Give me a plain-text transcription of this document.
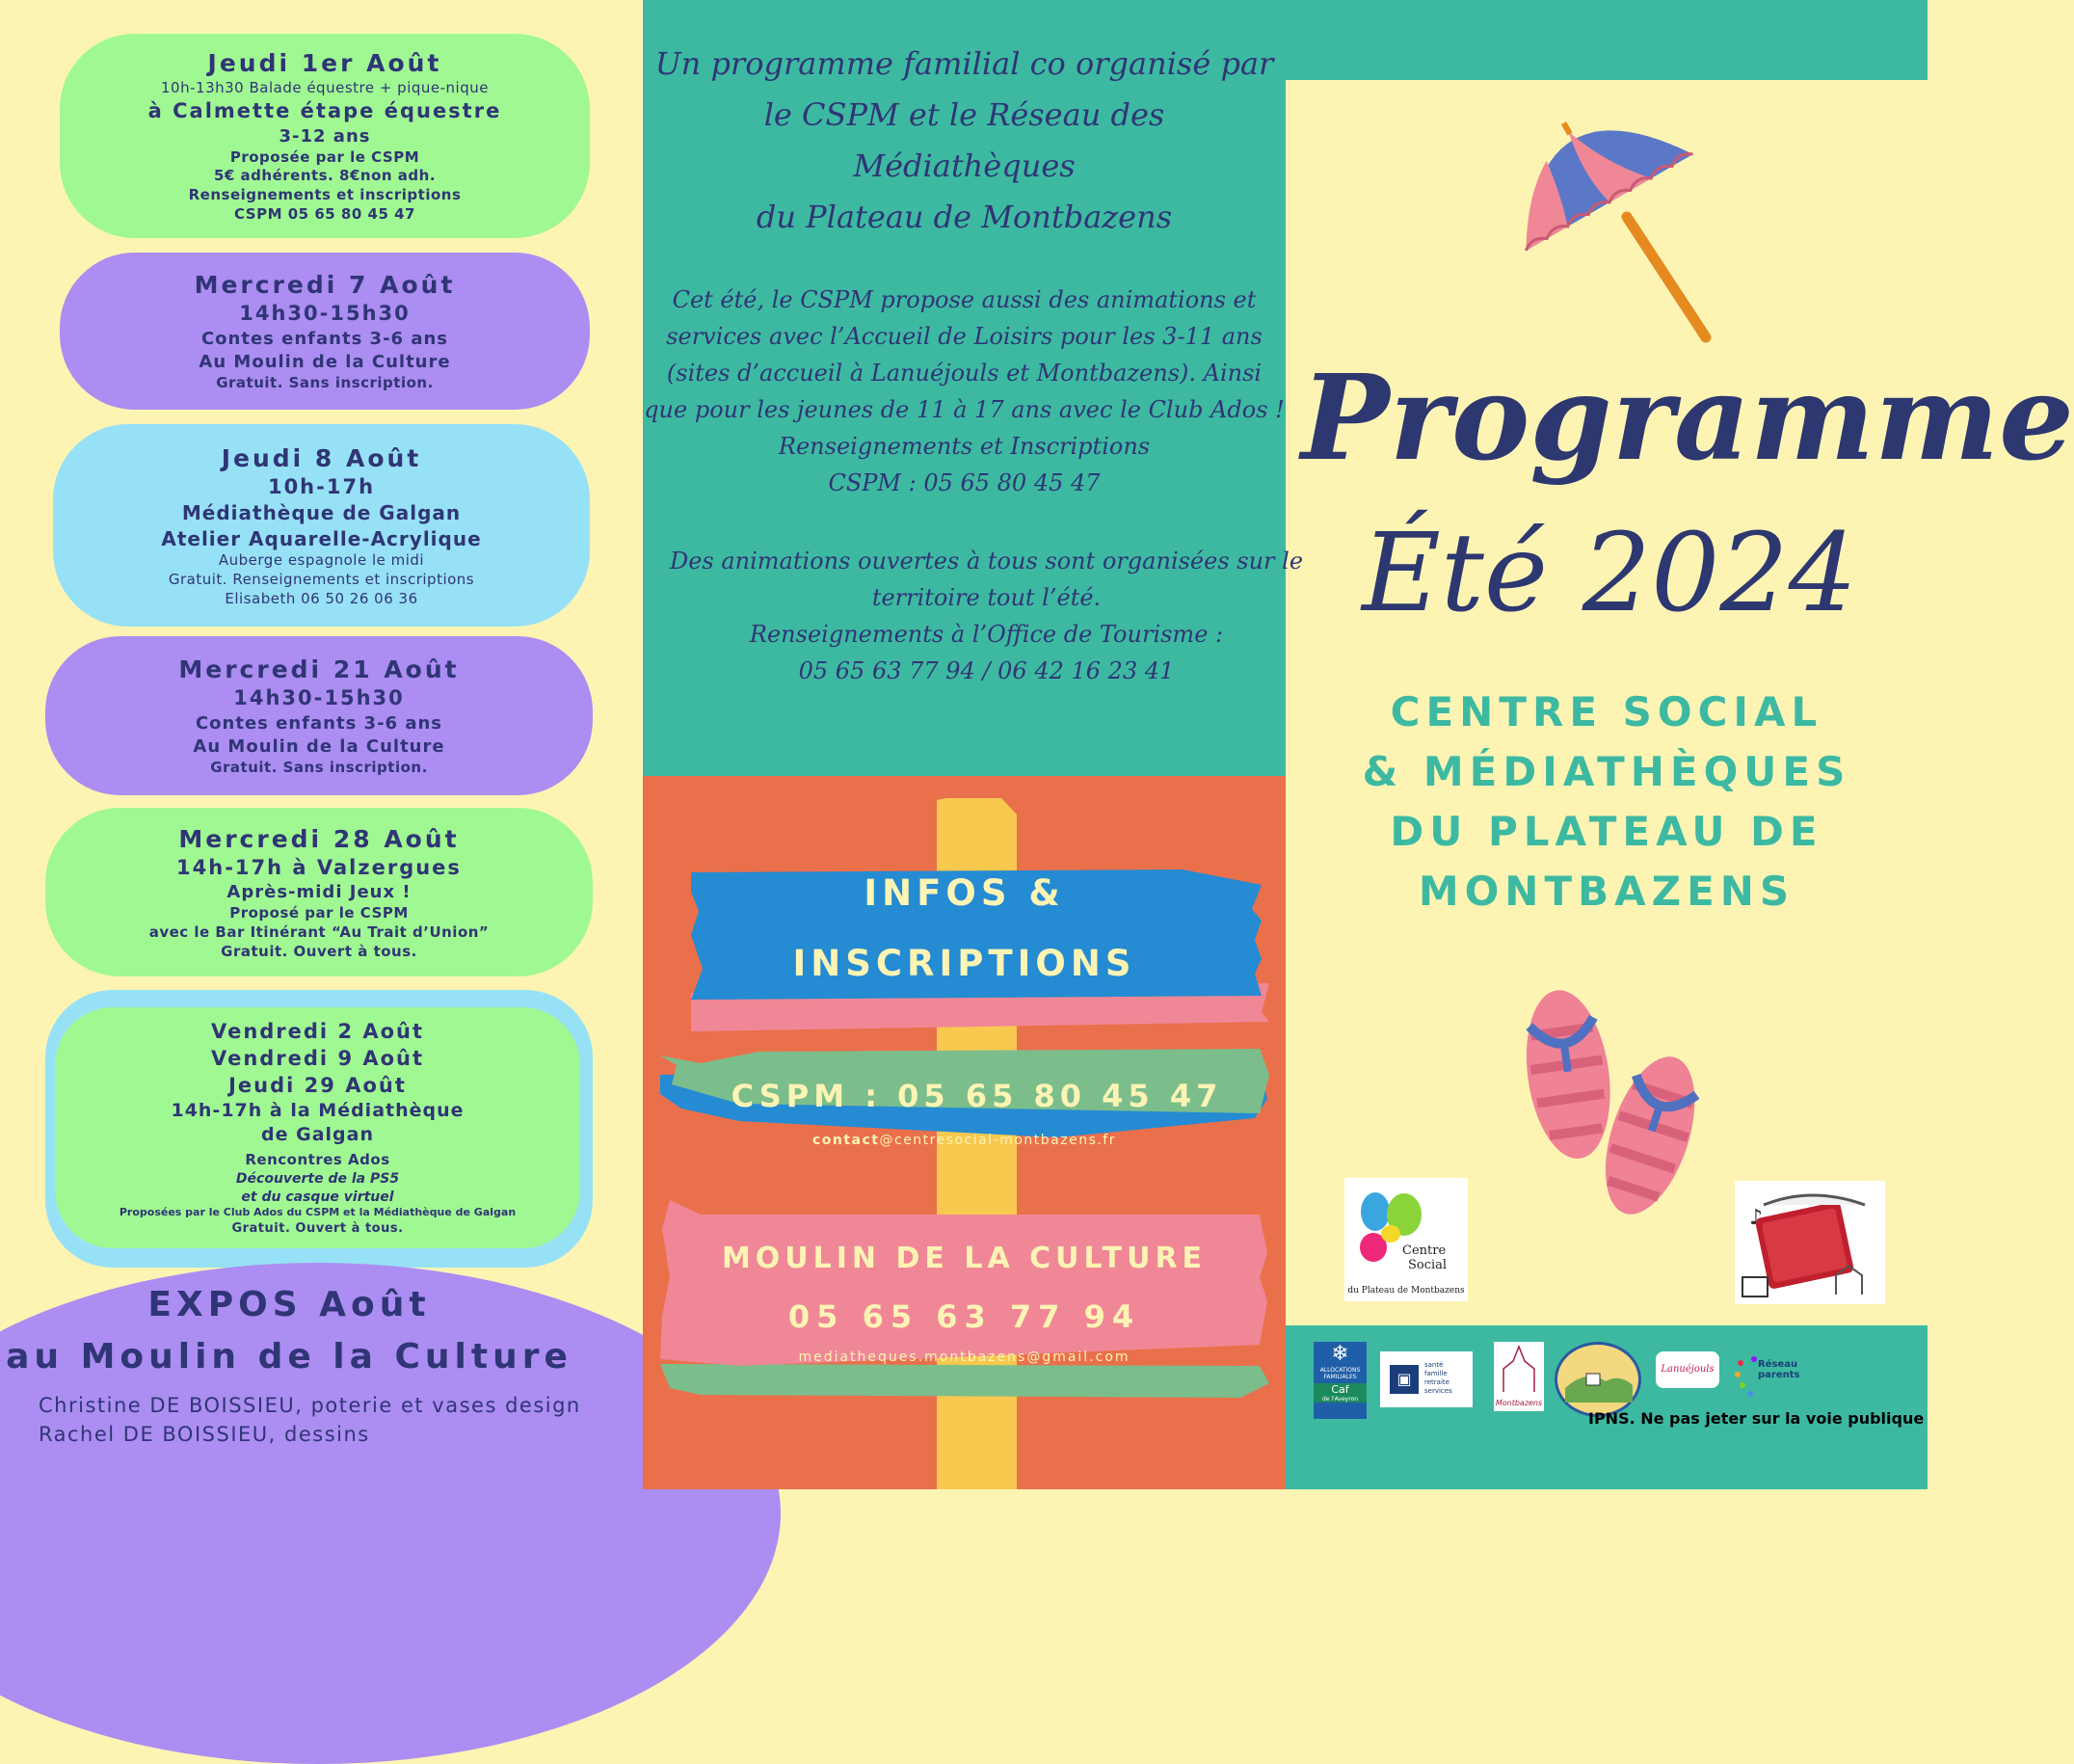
Jeudi 1er Août
10h-13h30 Balade équestre + pique-nique
à Calmette étape équestre
3-12 ans
Proposée par le CSPM
5€ adhérents. 8€non adh.
Renseignements et inscriptions
CSPM 05 65 80 45 47
Mercredi 7 Août
14h30-15h30
Contes enfants 3-6 ans
Au Moulin de la Culture
Gratuit. Sans inscription.
Jeudi 8 Août
10h-17h
Médiathèque de Galgan
Atelier Aquarelle-Acrylique
Auberge espagnole le midi
Gratuit. Renseignements et inscriptions
Elisabeth 06 50 26 06 36
Mercredi 21 Août
14h30-15h30
Contes enfants 3-6 ans
Au Moulin de la Culture
Gratuit. Sans inscription.
Mercredi 28 Août
14h-17h à Valzergues
Après-midi Jeux !
Proposé par le CSPM
avec le Bar Itinérant “Au Trait d’Union”
Gratuit. Ouvert à tous.
Vendredi 2 Août
Vendredi 9 Août
Jeudi 29 Août
14h-17h à la Médiathèque
de Galgan
Rencontres Ados
Découverte de la PS5
et du casque virtuel
Proposées par le Club Ados du CSPM et la Médiathèque de Galgan
Gratuit. Ouvert à tous.
EXPOS Août
au Moulin de la Culture
Christine DE BOISSIEU, poterie et vases design
Rachel DE BOISSIEU, dessins
Un programme familial co organisé par
le CSPM et le Réseau des
Médiathèques
du Plateau de Montbazens
Cet été, le CSPM propose aussi des animations et
services avec l’Accueil de Loisirs pour les 3-11 ans
(sites d’accueil à Lanuéjouls et Montbazens). Ainsi
que pour les jeunes de 11 à 17 ans avec le Club Ados !
Renseignements et Inscriptions
CSPM : 05 65 80 45 47
Des animations ouvertes à tous sont organisées sur le
territoire tout l’été.
Renseignements à l’Office de Tourisme :
05 65 63 77 94 / 06 42 16 23 41
INFOS &
INSCRIPTIONS
CSPM : 05 65 80 45 47
contact@centresocial-montbazens.fr
MOULIN DE LA CULTURE
05 65 63 77 94
mediatheques.montbazens@gmail.com
Programme
Été 2024
CENTRE SOCIAL
& MÉDIATHÈQUES
DU PLATEAU DE
MONTBAZENS
Centre
Social
du Plateau de Montbazens
♪
❄
ALLOCATIONS
FAMILIALES
Caf
de l'Aveyron
▣
santé
famille
retraite
services
Montbazens
Lanuéjouls	Réseau
parents
IPNS. Ne pas jeter sur la voie publique
